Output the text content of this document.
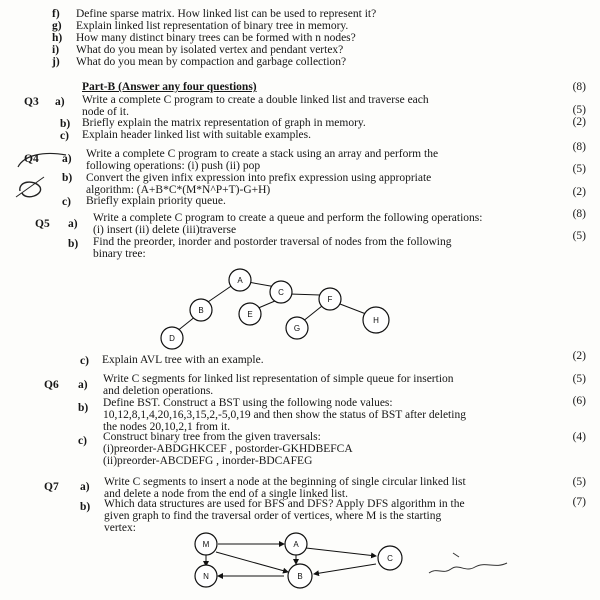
f) Define sparse matrix. How linked list can be used to represent it?
g) Explain linked list representation of binary tree in memory.
h) How many distinct binary trees can be formed with n nodes?
i) What do you mean by isolated vertex and pendant vertex?
j) What do you mean by compaction and garbage collection?
Part-B (Answer any four questions)	(8)
Q3 a) Write a complete C program to create a double linked list and traverse each
node of it.	(5)
b) Briefly explain the matrix representation of graph in memory.	(2)
c) Explain header linked list with suitable examples.
Q4 a) Write a complete C program to create a stack using an array and perform the
following operations: (i) push (ii) pop
(8)
b) Convert the given infix expression into prefix expression using appropriate
algorithm: (A+B*C*(M*N^P+T)-G+H)
(5)
c) Briefly explain priority queue.
(2)
Q5 a) Write a complete C program to create a queue and perform the following operations:
(i) insert (ii) delete (iii)traverse
(8)
b) Find the preorder, inorder and postorder traversal of nodes from the following
binary tree:
(5)
A
B
C
D
E
F
G
H
c) Explain AVL tree with an example.	(2)
Q6 a) Write C segments for linked list representation of simple queue for insertion
and deletion operations.
(5)
b) Define BST. Construct a BST using the following node values:
10,12,8,1,4,20,16,3,15,2,-5,0,19 and then show the status of BST after deleting
the nodes 20,10,2,1 from it.
(6)
c) Construct binary tree from the given traversals:
(i)preorder-ABDGHKCEF , postorder-GKHDBEFCA
(ii)preorder-ABCDEFG , inorder-BDCAFEG
(4)
Q7 a) Write C segments to insert a node at the beginning of single circular linked list
and delete a node from the end of a single linked list.
(5)
b) Which data structures are used for BFS and DFS? Apply DFS algorithm in the
given graph to find the traversal order of vertices, where M is the starting
vertex:
(7)
M	A
C
N	B
